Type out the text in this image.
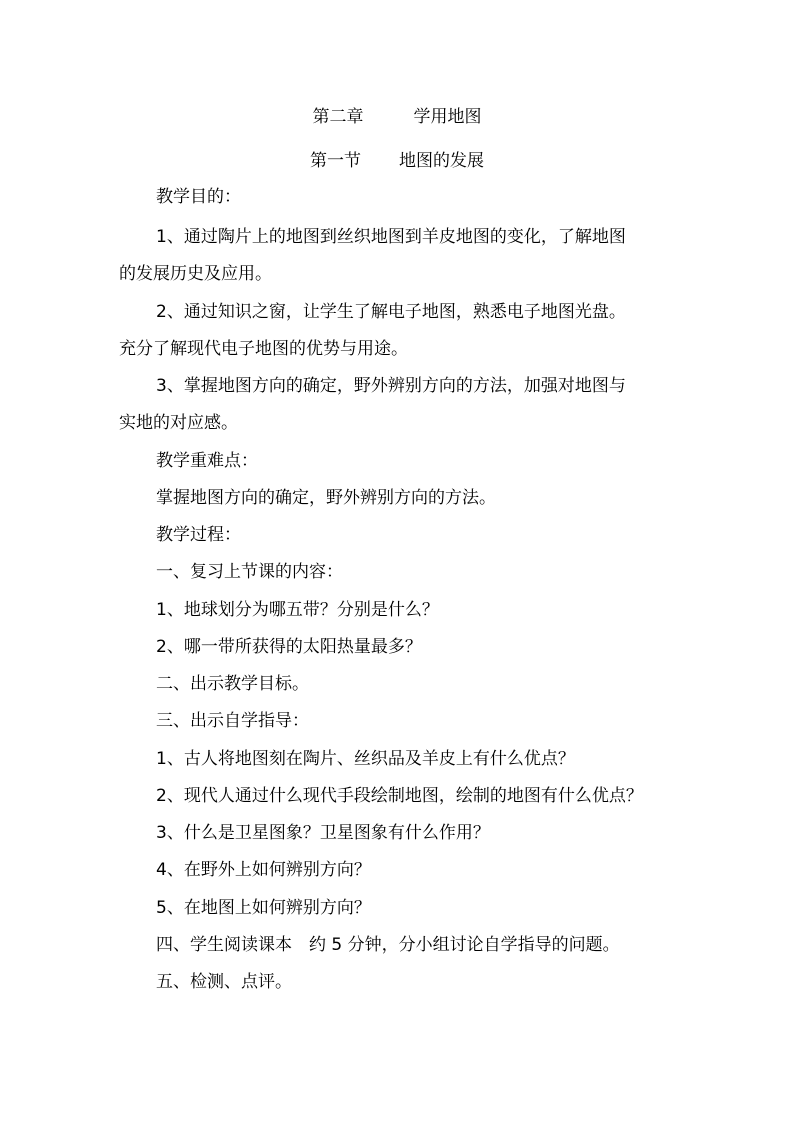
第二章	学用地图
第一节 地图的发展
教学目的：
1、通过陶片上的地图到丝织地图到羊皮地图的变化，了解地图
的发展历史及应用。
2、通过知识之窗，让学生了解电子地图，熟悉电子地图光盘。
充分了解现代电子地图的优势与用途。
3、掌握地图方向的确定，野外辨别方向的方法，加强对地图与
实地的对应感。
教学重难点：
掌握地图方向的确定，野外辨别方向的方法。
教学过程：
一、复习上节课的内容：
1、地球划分为哪五带？分别是什么？
2、哪一带所获得的太阳热量最多？
二、出示教学目标。
三、出示自学指导：
1、古人将地图刻在陶片、丝织品及羊皮上有什么优点？
2、现代人通过什么现代手段绘制地图，绘制的地图有什么优点？
3、什么是卫星图象？卫星图象有什么作用？
4、在野外上如何辨别方向？
5、在地图上如何辨别方向？
四、学生阅读课本　约 5 分钟，分小组讨论自学指导的问题。
五、检测、点评。
